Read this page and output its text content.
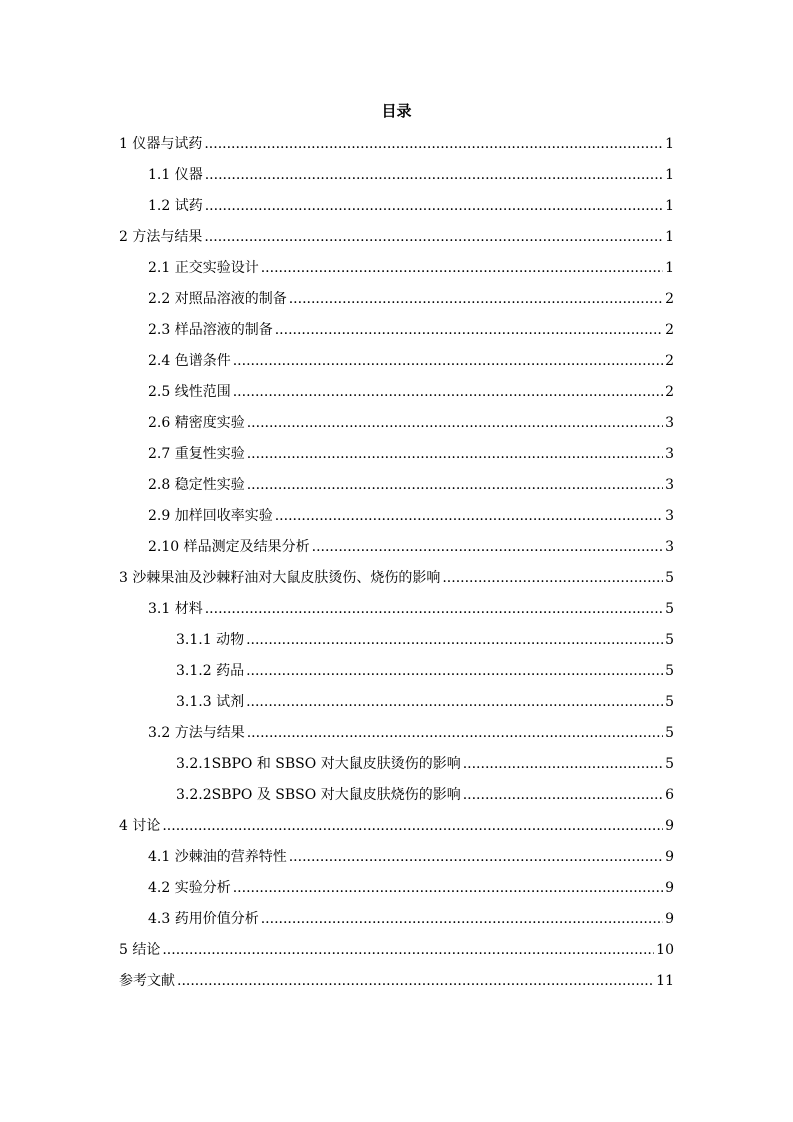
目录
1 仪器与试药 .....	1
1.1 仪器 .....	1
1.2 试药 .....	1
2 方法与结果 .....	1
2.1 正交实验设计 .....	1
2.2 对照品溶液的制备 .....	2
2.3 样品溶液的制备 .....	2
2.4 色谱条件 .....	2
2.5 线性范围 .....	2
2.6 精密度实验 .....	3
2.7 重复性实验 .....	3
2.8 稳定性实验 .....	3
2.9 加样回收率实验 .....	3
2.10 样品测定及结果分析 .....	3
3 沙棘果油及沙棘籽油对大鼠皮肤烫伤、烧伤的影响 .....	5
3.1 材料 .....	5
3.1.1 动物 .....	5
3.1.2 药品 .....	5
3.1.3 试剂 .....	5
3.2 方法与结果 .....	5
3.2.1SBPO 和 SBSO 对大鼠皮肤烫伤的影响 .....	5
3.2.2SBPO 及 SBSO 对大鼠皮肤烧伤的影响 .....	6
4 讨论 .....	9
4.1 沙棘油的营养特性 .....	9
4.2 实验分析 .....	9
4.3 药用价值分析 .....	9
5 结论 .....	10
参考文献 .....	11
